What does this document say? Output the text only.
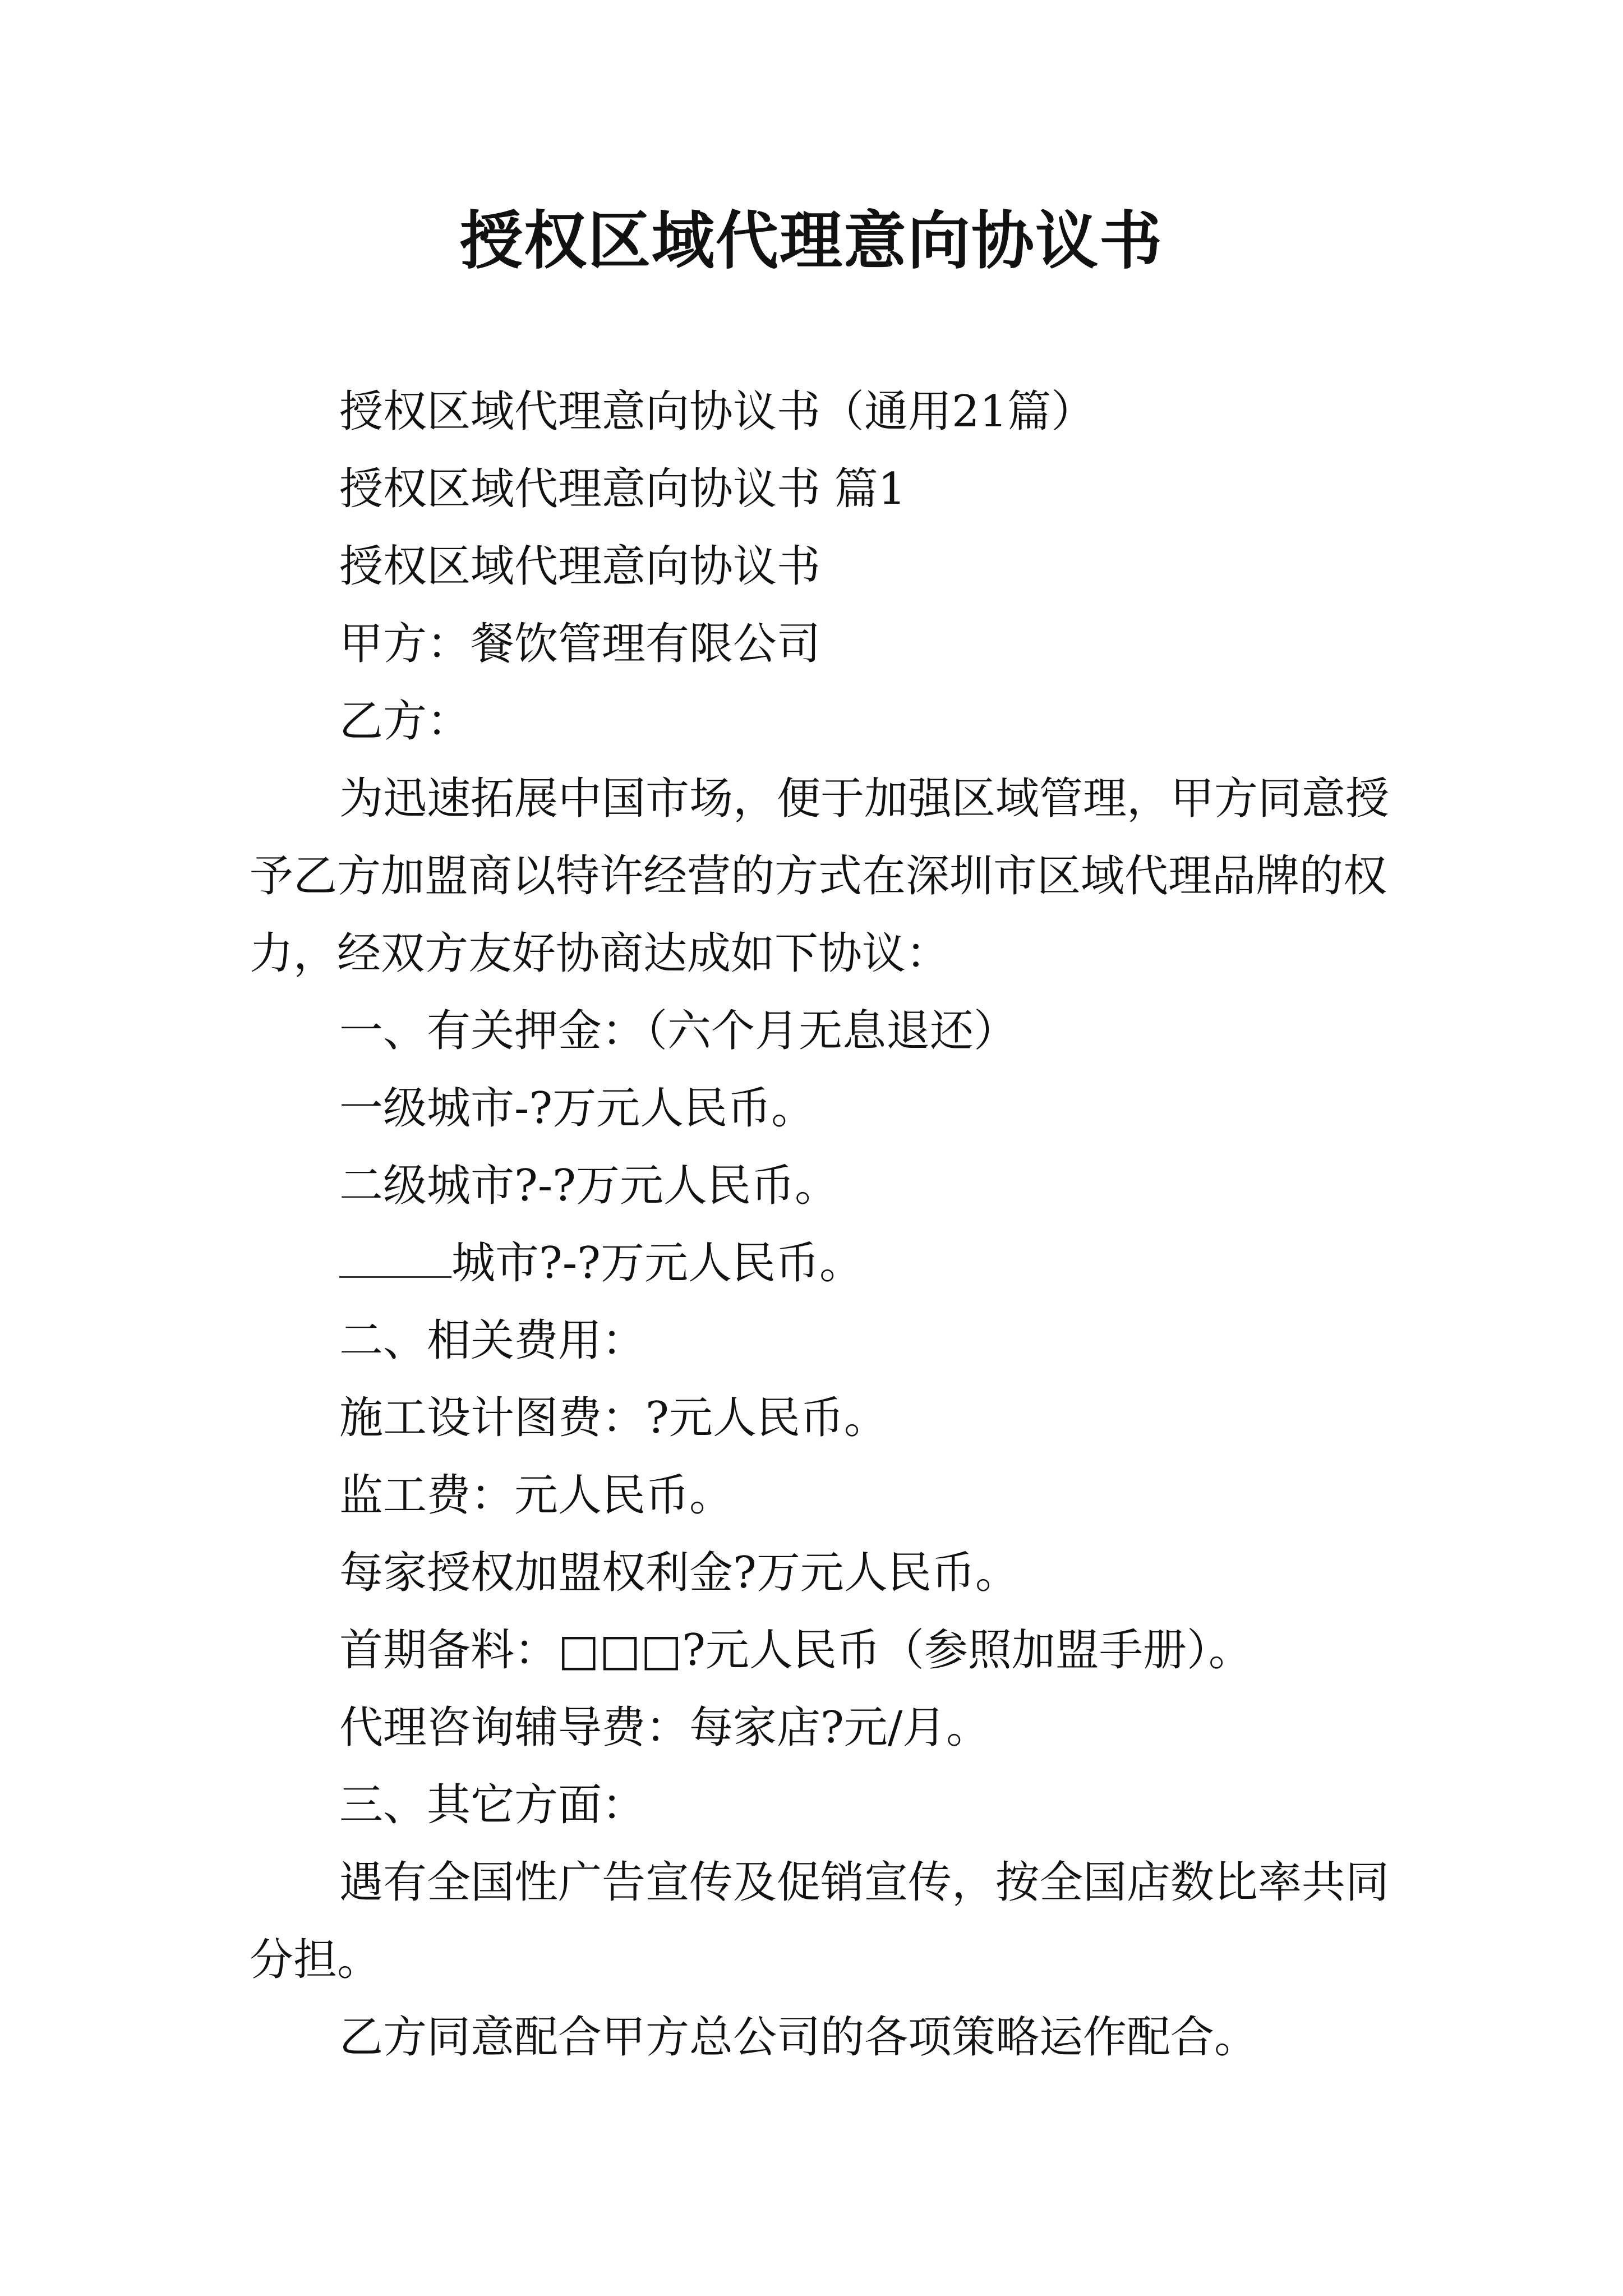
授权区域代理意向协议书

授权区域代理意向协议书（通用21篇）

授权区域代理意向协议书 篇1

授权区域代理意向协议书

甲方：餐饮管理有限公司

乙方：

为迅速拓展中国市场，便于加强区域管理，甲方同意授予乙方加盟商以特许经营的方式在深圳市区域代理品牌的权力，经双方友好协商达成如下协议：

一、有关押金：（六个月无息退还）

一级城市-?万元人民币。

二级城市?-?万元人民币。

城市?-?万元人民币。

二、相关费用：

施工设计图费：?元人民币。

监工费：元人民币。

每家授权加盟权利金?万元人民币。

首期备料：□□□?元人民币（参照加盟手册）。

代理咨询辅导费：每家店?元/月。

三、其它方面：

遇有全国性广告宣传及促销宣传，按全国店数比率共同分担。

乙方同意配合甲方总公司的各项策略运作配合。
